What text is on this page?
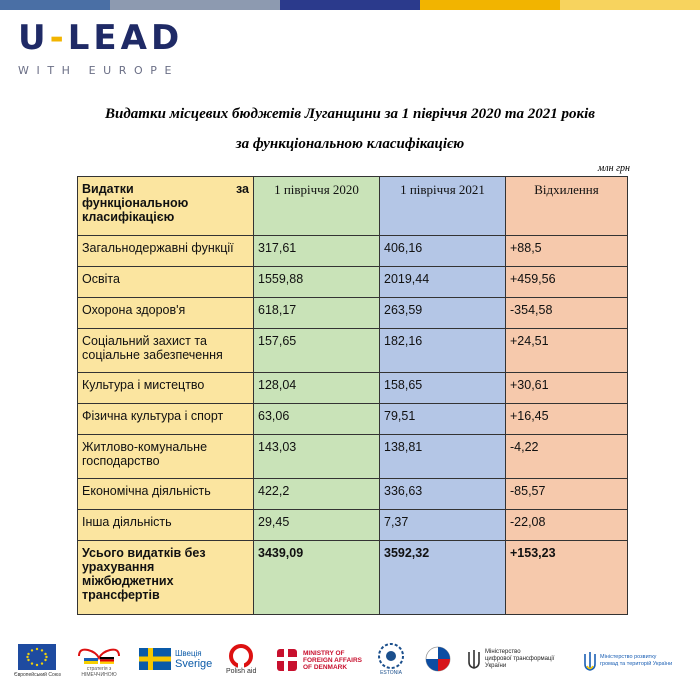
U-LEAD
WITH EUROPE
Видатки місцевих бюджетів Луганщини за 1 півріччя 2020 та 2021 років
за функціональною класифікацією
млн грн
Видатки за функціональною класифікацією	1 півріччя 2020	1 півріччя 2021	Відхилення
Загальнодержавні функції	317,61	406,16	+88,5
Освіта	1559,88	2019,44	+459,56
Охорона здоров'я	618,17	263,59	-354,58
Соціальний захист та соціальне забезпечення	157,65	182,16	+24,51
Культура і мистецтво	128,04	158,65	+30,61
Фізична культура і спорт	63,06	79,51	+16,45
Житлово-комунальне господарство	143,03	138,81	-4,22
Економічна діяльність	422,2	336,63	-85,57
Інша діяльність	29,45	7,37	-22,08
Усього видатків без урахування міжбюджетних трансфертів	3439,09	3592,32	+153,23
Європейський Союз
стратегія з НІМЕЧЧИНОЮ
Швеція
Sverige
Polish aid
MINISTRY OF
FOREIGN AFFAIRS
OF DENMARK
ESTONIA
Міністерство
цифрової трансформації
України
Міністерство розвитку
громад та територій України
